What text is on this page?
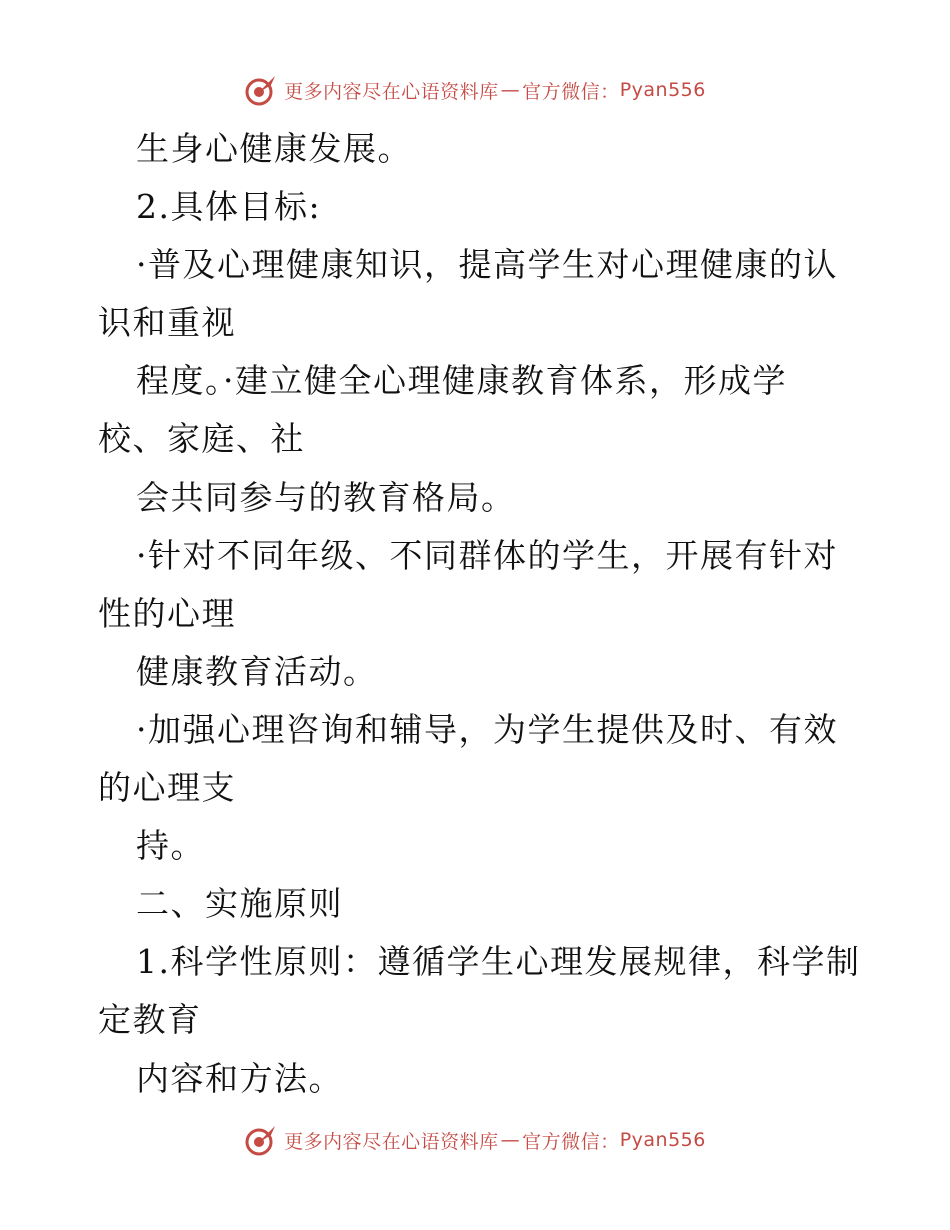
更多内容尽在心语资料库 — 官方微信： Pyan556
生身心健康发展。
2.具体目标:
·普及心理健康知识，提高学生对心理健康的认
识和重视
程度。·建立健全心理健康教育体系，形成学
校、家庭、社
会共同参与的教育格局。
·针对不同年级、不同群体的学生，开展有针对
性的心理
健康教育活动。
·加强心理咨询和辅导，为学生提供及时、有效
的心理支
持。
二、实施原则
1.科学性原则：遵循学生心理发展规律，科学制
定教育
内容和方法。
更多内容尽在心语资料库 — 官方微信： Pyan556
